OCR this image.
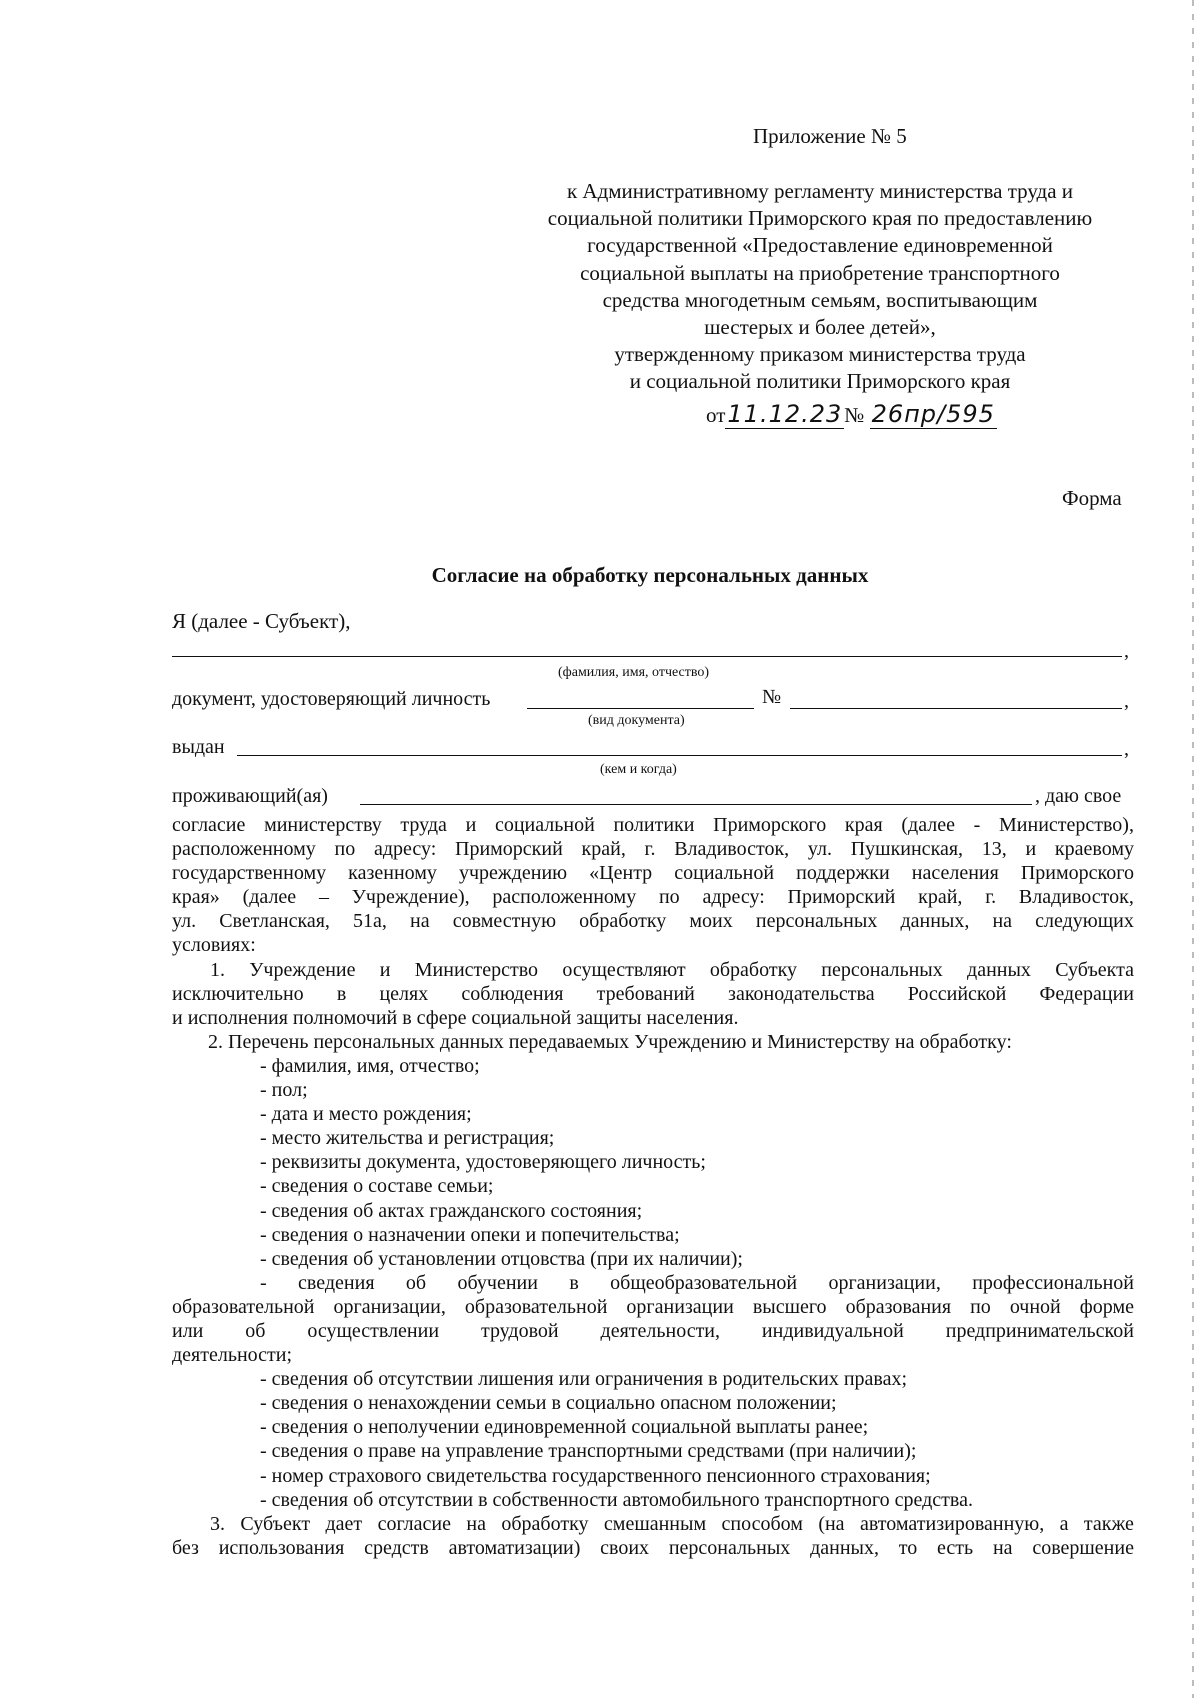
Приложение № 5
к Административному регламенту министерства труда и
социальной политики Приморского края по предоставлению
государственной «Предоставление единовременной
социальной выплаты на приобретение транспортного
средства многодетным семьям, воспитывающим
шестерых и более детей»,
утвержденному приказом министерства труда
и социальной политики Приморского края
от11.12.23№ 26пр/595
Форма
Согласие на обработку персональных данных
Я (далее - Субъект),
,
(фамилия, имя, отчество)
документ, удостоверяющий личность	№	,
(вид документа)
выдан	,
(кем и когда)
проживающий(ая)	, даю свое
согласие министерству труда и социальной политики Приморского края (далее - Министерство),
расположенному по адресу: Приморский край, г. Владивосток, ул. Пушкинская, 13, и краевому
государственному казенному учреждению «Центр социальной поддержки населения Приморского
края» (далее – Учреждение), расположенному по адресу: Приморский край, г. Владивосток,
ул. Светланская, 51а, на совместную обработку моих персональных данных, на следующих
условиях:
1. Учреждение и Министерство осуществляют обработку персональных данных Субъекта
исключительно в целях соблюдения требований законодательства Российской Федерации
и исполнения полномочий в сфере социальной защиты населения.
2. Перечень персональных данных передаваемых Учреждению и Министерству на обработку:
- фамилия, имя, отчество;
- пол;
- дата и место рождения;
- место жительства и регистрация;
- реквизиты документа, удостоверяющего личность;
- сведения о составе семьи;
- сведения об актах гражданского состояния;
- сведения о назначении опеки и попечительства;
- сведения об установлении отцовства (при их наличии);
- сведения об обучении в общеобразовательной организации, профессиональной
образовательной организации, образовательной организации высшего образования по очной форме
или об осуществлении трудовой деятельности, индивидуальной предпринимательской
деятельности;
- сведения об отсутствии лишения или ограничения в родительских правах;
- сведения о ненахождении семьи в социально опасном положении;
- сведения о неполучении единовременной социальной выплаты ранее;
- сведения о праве на управление транспортными средствами (при наличии);
- номер страхового свидетельства государственного пенсионного страхования;
- сведения об отсутствии в собственности автомобильного транспортного средства.
3. Субъект дает согласие на обработку смешанным способом (на автоматизированную, а также
без использования средств автоматизации) своих персональных данных, то есть на совершение
